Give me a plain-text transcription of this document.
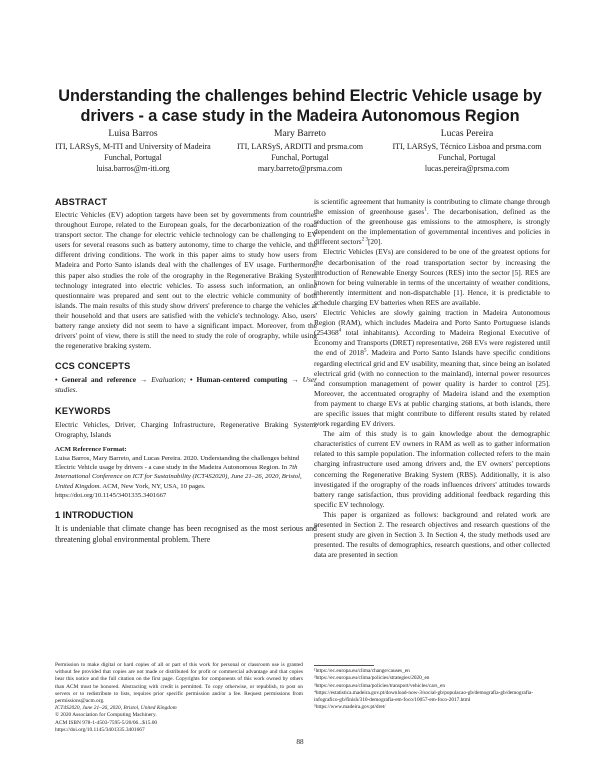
Understanding the challenges behind Electric Vehicle usage by drivers - a case study in the Madeira Autonomous Region
Luisa Barros
ITI, LARSyS, M-ITI and University of Madeira
Funchal, Portugal
luisa.barros@m-iti.org
Mary Barreto
ITI, LARSyS, ARDITI and prsma.com
Funchal, Portugal
mary.barreto@prsma.com
Lucas Pereira
ITI, LARSyS, Técnico Lisboa and prsma.com
Funchal, Portugal
lucas.pereira@prsma.com
ABSTRACT

Electric Vehicles (EV) adoption targets have been set by governments from countries throughout Europe, related to the European goals, for the decarbonization of the road transport sector. The change for electric vehicle technology can be challenging to EV users for several reasons such as battery autonomy, time to charge the vehicle, and the different driving conditions. The work in this paper aims to study how users from Madeira and Porto Santo islands deal with the challenges of EV usage. Furthermore, this paper also studies the role of the orography in the Regenerative Braking System technology integrated into electric vehicles. To assess such information, an online questionnaire was prepared and sent out to the electric vehicle community of both islands. The main results of this study show drivers' preference to charge the vehicles at their household and that users are satisfied with the vehicle's technology. Also, users' battery range anxiety did not seem to have a significant impact. Moreover, from the drivers' point of view, there is still the need to study the role of orography, while using the regenerative braking system.

CCS CONCEPTS

• General and reference → Evaluation; • Human-centered computing → User studies.

KEYWORDS

Electric Vehicles, Driver, Charging Infrastructure, Regenerative Braking System, Orography, Islands

ACM Reference Format:

Luisa Barros, Mary Barreto, and Lucas Pereira. 2020. Understanding the challenges behind Electric Vehicle usage by drivers - a case study in the Madeira Autonomous Region. In 7th International Conference on ICT for Sustainability (ICT4S2020), June 21–26, 2020, Bristol, United Kingdom. ACM, New York, NY, USA, 10 pages. https://doi.org/10.1145/3401335.3401667

1 INTRODUCTION

It is undeniable that climate change has been recognised as the most serious and threatening global environmental problem. There

Permission to make digital or hard copies of all or part of this work for personal or classroom use is granted without fee provided that copies are not made or distributed for profit or commercial advantage and that copies bear this notice and the full citation on the first page. Copyrights for components of this work owned by others than ACM must be honored. Abstracting with credit is permitted. To copy otherwise, or republish, to post on servers or to redistribute to lists, requires prior specific permission and/or a fee. Request permissions from permissions@acm.org.
ICT4S2020, June 21–26, 2020, Bristol, United Kingdom
© 2020 Association for Computing Machinery.
ACM ISBN 978-1-4503-7595-5/20/06...$15.00
https://doi.org/10.1145/3401335.3401667

is scientific agreement that humanity is contributing to climate change through the emission of greenhouse gases$^1$. The decarbonisation, defined as the reduction of the greenhouse gas emissions to the atmosphere, is strongly dependent on the implementation of governmental incentives and policies in different sectors$^{2 3}$[20].

Electric Vehicles (EVs) are considered to be one of the greatest options for the decarbonisation of the road transportation sector by increasing the introduction of Renewable Energy Sources (RES) into the sector [5]. RES are known for being vulnerable in terms of the uncertainty of weather conditions, inherently intermittent and non-dispatchable [1]. Hence, it is predictable to schedule charging EV batteries when RES are available.

Electric Vehicles are slowly gaining traction in Madeira Autonomous Region (RAM), which includes Madeira and Porto Santo Portuguese islands (254368$^4$ total inhabitants). According to Madeira Regional Executive of Economy and Transports (DRET) representative, 268 EVs were registered until the end of 2018$^5$. Madeira and Porto Santo Islands have specific conditions regarding electrical grid and EV usability, meaning that, since being an isolated electrical grid (with no connection to the mainland), internal power resources and consumption management of power quality is harder to control [25]. Moreover, the accentuated orography of Madeira island and the exemption from payment to charge EVs at public charging stations, at both islands, there are specific issues that might contribute to different results stated by related work regarding EV drivers.

The aim of this study is to gain knowledge about the demographic characteristics of current EV owners in RAM as well as to gather information related to this sample population. The information collected refers to the main charging infrastructure used among drivers and, the EV owners' perceptions concerning the Regenerative Braking System (RBS). Additionally, it is also investigated if the orography of the roads influences drivers' attitudes towards battery range satisfaction, thus providing additional feedback regarding this specific EV technology.

This paper is organized as follows: background and related work are presented in Section 2. The research objectives and research questions of the present study are given in Section 3. In Section 4, the study methods used are presented. The results of demographics, research questions, and other collected data are presented in section

¹https://ec.europa.eu/clima/change/causes_en
²https://ec.europa.eu/clima/policies/strategies/2020_en
³https://ec.europa.eu/clima/policies/transport/vehicles/cars_en
⁴https://estatistica.madeira.gov.pt/download-now-3/social-gb/populacao-gb/demografia-gb/demografia-infografico-gb/finish/310-demografia-em-foco/10057-em-foco-2017.html
⁵https://www.madeira.gov.pt/dret/
88
